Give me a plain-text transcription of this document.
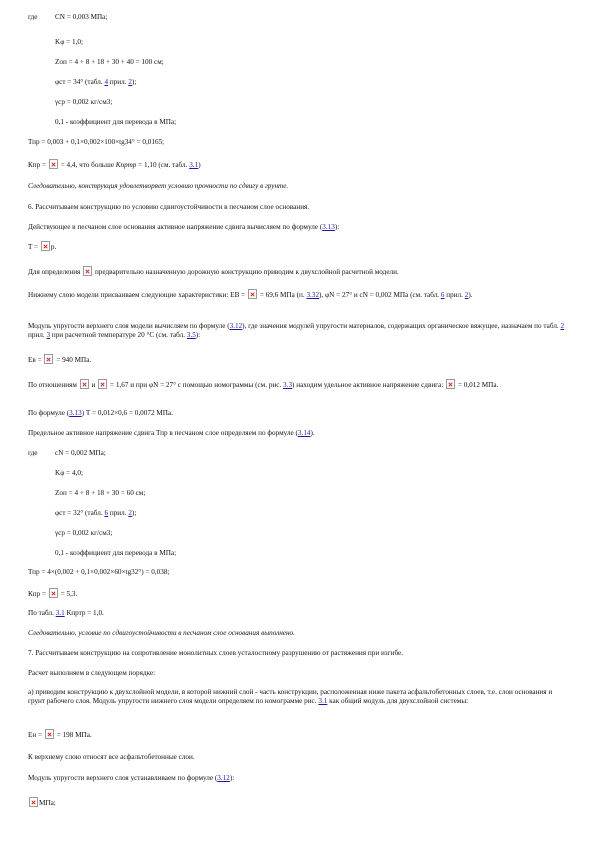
где CN = 0,003 МПа;
Kφ = 1,0;
Zоп = 4 + 8 + 18 + 30 + 40 = 100 см;
φст = 34° (табл. 4 прил. 2);
γср = 0,002 кг/см3;
0,1 - коэффициент для перевода в МПа;
Тпр = 0,003 + 0,1×0,002×100×tg34° = 0,0165;
Кпр =  = 4,4, что больше Кпртр = 1,10 (см. табл. 3.1)
Следовательно, конструкция удовлетворяет условию прочности по сдвигу в грунте.
6. Рассчитываем конструкцию по условию сдвигоустойчивости в песчаном слое основания.
Действующее в песчаном слое основания активное напряжение сдвига вычисляем по формуле (3.13):
T = p.
Для определения  предварительно назначенную дорожную конструкцию приводим к двухслойной расчетной модели.
Нижнему слою модели присваиваем следующие характеристики: ЕВ =  = 69,6 МПа (п. 3.32), φN = 27° и сN = 0,002 МПа (см. табл. 6 прил. 2).
Модуль упругости верхнего слоя модели вычисляем по формуле (3.12), где значения модулей упругости материалов, содержащих органическое вяжущее, назначаем по табл. 2 прил. 3 при расчетной температуре 20 °С (см. табл. 3.5):
Ев =  = 940 МПа.
По отношениям  и  = 1,67 и при φN = 27° с помощью номограммы (см. рис. 3.3) находим удельное активное напряжение сдвига:  = 0,012 МПа.
По формуле (3.13) Т = 0,012×0,6 = 0,0072 МПа.
Предельное активное напряжение сдвига Тпр в песчаном слое определяем по формуле (3.14).
где сN = 0,002 МПа;
Kφ = 4,0;
Zоп = 4 + 8 + 18 + 30 = 60 см;
φст = 32° (табл. 6 прил. 2);
γср = 0,002 кг/см3;
0,1 - коэффициент для перевода в МПа;
Тпр = 4×(0,002 + 0,1×0,002×60×tg32°) = 0,038;
Кпр =  = 5,3.
По табл. 3.1 Кпртр = 1,0.
Следовательно, условие по сдвигоустойчивости в песчаном слое основания выполнено.
7. Рассчитываем конструкцию на сопротивление монолитных слоев усталостному разрушению от растяжения при изгибе.
Расчет выполняем в следующем порядке:
а) приводим конструкцию к двухслойной модели, в которой нижний слой - часть конструкции, расположенная ниже пакета асфальтобетонных слоев, т.е. слои основания и грунт рабочего слоя. Модуль упругости нижнего слоя модели определяем по номограмме рис. 3.1 как общий модуль для двухслойной системы:
Ен =  = 198 МПа.
К верхнему слою относят все асфальтобетонные слои.
Модуль упругости верхнего слоя устанавливаем по формуле (3.12):
МПа;
